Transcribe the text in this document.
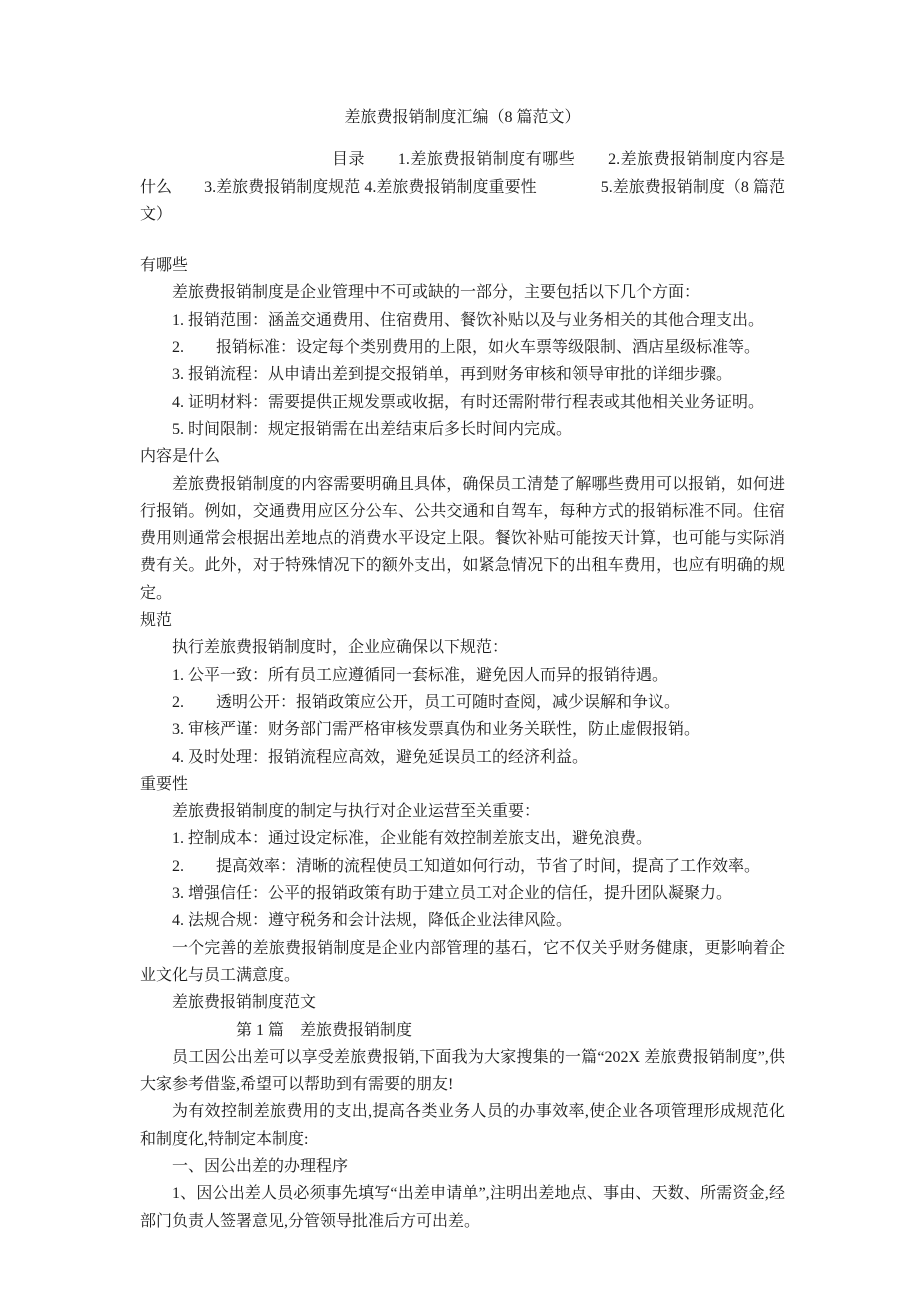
差旅费报销制度汇编（8 篇范文）

目录　　1.差旅费报销制度有哪些　　2.差旅费报销制度内容是什么　　3.差旅费报销制度规范 4.差旅费报销制度重要性　　　　5.差旅费报销制度（8 篇范文）

有哪些

差旅费报销制度是企业管理中不可或缺的一部分，主要包括以下几个方面：

1. 报销范围：涵盖交通费用、住宿费用、餐饮补贴以及与业务相关的其他合理支出。

2.　　报销标准：设定每个类别费用的上限，如火车票等级限制、酒店星级标准等。

3. 报销流程：从申请出差到提交报销单，再到财务审核和领导审批的详细步骤。

4. 证明材料：需要提供正规发票或收据，有时还需附带行程表或其他相关业务证明。

5. 时间限制：规定报销需在出差结束后多长时间内完成。

内容是什么

差旅费报销制度的内容需要明确且具体，确保员工清楚了解哪些费用可以报销，如何进行报销。例如，交通费用应区分公车、公共交通和自驾车，每种方式的报销标准不同。住宿费用则通常会根据出差地点的消费水平设定上限。餐饮补贴可能按天计算，也可能与实际消费有关。此外，对于特殊情况下的额外支出，如紧急情况下的出租车费用，也应有明确的规定。

规范

执行差旅费报销制度时，企业应确保以下规范：

1. 公平一致：所有员工应遵循同一套标准，避免因人而异的报销待遇。

2.　　透明公开：报销政策应公开，员工可随时查阅，减少误解和争议。

3. 审核严谨：财务部门需严格审核发票真伪和业务关联性，防止虚假报销。

4. 及时处理：报销流程应高效，避免延误员工的经济利益。

重要性

差旅费报销制度的制定与执行对企业运营至关重要：

1. 控制成本：通过设定标准，企业能有效控制差旅支出，避免浪费。

2.　　提高效率：清晰的流程使员工知道如何行动，节省了时间，提高了工作效率。

3. 增强信任：公平的报销政策有助于建立员工对企业的信任，提升团队凝聚力。

4. 法规合规：遵守税务和会计法规，降低企业法律风险。

一个完善的差旅费报销制度是企业内部管理的基石，它不仅关乎财务健康，更影响着企业文化与员工满意度。

差旅费报销制度范文

第 1 篇　差旅费报销制度

员工因公出差可以享受差旅费报销,下面我为大家搜集的一篇“202X 差旅费报销制度”,供大家参考借鉴,希望可以帮助到有需要的朋友!

为有效控制差旅费用的支出,提高各类业务人员的办事效率,使企业各项管理形成规范化和制度化,特制定本制度:

一、因公出差的办理程序

1、因公出差人员必须事先填写“出差申请单”,注明出差地点、事由、天数、所需资金,经部门负责人签署意见,分管领导批准后方可出差。
